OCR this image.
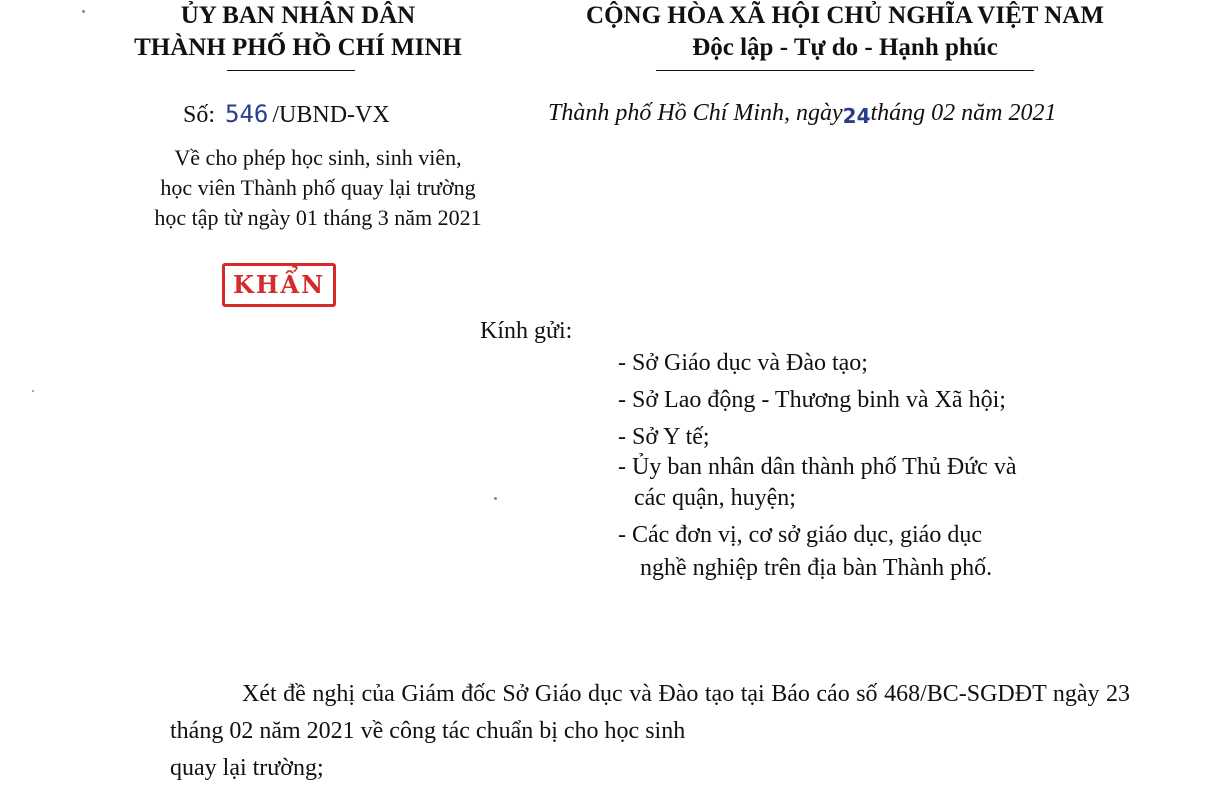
ỦY BAN NHÂN DÂN
THÀNH PHỐ HỒ CHÍ MINH
CỘNG HÒA XÃ HỘI CHỦ NGHĨA VIỆT NAM
Độc lập - Tự do - Hạnh phúc
Số: 546 /UBND-VX	Thành phố Hồ Chí Minh, ngày24tháng 02 năm 2021
Về cho phép học sinh, sinh viên,
học viên Thành phố quay lại trường
học tập từ ngày 01 tháng 3 năm 2021
KHẨN
Kính gửi:
- Sở Giáo dục và Đào tạo;
- Sở Lao động - Thương binh và Xã hội;
- Sở Y tế;
- Ủy ban nhân dân thành phố Thủ Đức và
các quận, huyện;
- Các đơn vị, cơ sở giáo dục, giáo dục
nghề nghiệp trên địa bàn Thành phố.
Xét đề nghị của Giám đốc Sở Giáo dục và Đào tạo tại Báo cáo số 468/BC-SGDĐT ngày 23 tháng 02 năm 2021 về công tác chuẩn bị cho học sinh
quay lại trường;
